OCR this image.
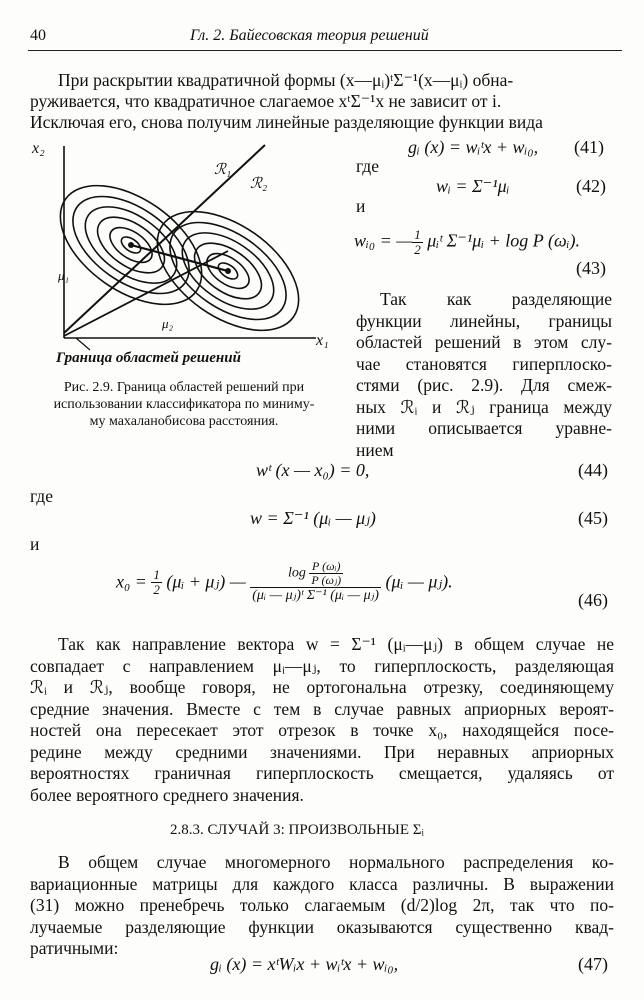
40	Гл. 2. Байесовская теория решений
При раскрытии квадратичной формы (x—μᵢ)ᵗΣ⁻¹(x—μᵢ) обна-
руживается, что квадратичное слагаемое xᵗΣ⁻¹x не зависит от i.
Исключая его, снова получим линейные разделяющие функции вида
x₂
x₁
ℛ₁
ℛ₂
μ₁
μ₂
Граница областей решений
Рис. 2.9. Граница областей решений при
использовании классификатора по миниму-
му махаланобисова расстояния.
gᵢ (x) = wᵢᵗx + wᵢ₀, (41)
где
wᵢ = Σ⁻¹μᵢ	(42)
и
wᵢ₀ = — $\frac{1}{2}$ μᵢᵗ Σ⁻¹μᵢ + log P (ωᵢ).
(43)
Так как разделяющие
функции линейны, границы
областей решений в этом слу-
чае становятся гиперплоско-
стями (рис. 2.9). Для смеж-
ных ℛᵢ и ℛⱼ граница между
ними описывается уравне-
нием
wᵗ (x — x₀) = 0,	(44)
где
w = Σ⁻¹ (μᵢ — μⱼ)	(45)
и
$x_0 = \frac{1}{2}$ (μᵢ + μⱼ) — $\frac{\log \frac{\text{P (ωᵢ)}}{\text{P (ωⱼ)}}}{\text{(μᵢ — μⱼ)ᵗ Σ⁻¹ (μᵢ — μⱼ)}}$ (μᵢ — μⱼ).
(46)
Так как направление вектора w = Σ⁻¹ (μᵢ—μⱼ) в общем случае не
совпадает с направлением μᵢ—μⱼ, то гиперплоскость, разделяющая
ℛᵢ и ℛⱼ, вообще говоря, не ортогональна отрезку, соединяющему
средние значения. Вместе с тем в случае равных априорных вероят-
ностей она пересекает этот отрезок в точке x₀, находящейся посе-
редине между средними значениями. При неравных априорных
вероятностях граничная гиперплоскость смещается, удаляясь от
более вероятного среднего значения.
2.8.3. СЛУЧАЙ 3: ПРОИЗВОЛЬНЫЕ Σᵢ
В общем случае многомерного нормального распределения ко-
вариационные матрицы для каждого класса различны. В выражении
(31) можно пренебречь только слагаемым (d/2)log 2π, так что по-
лучаемые разделяющие функции оказываются существенно квад-
ратичными:
gᵢ (x) = xᵗWᵢx + wᵢᵗx + wᵢ₀,	(47)
